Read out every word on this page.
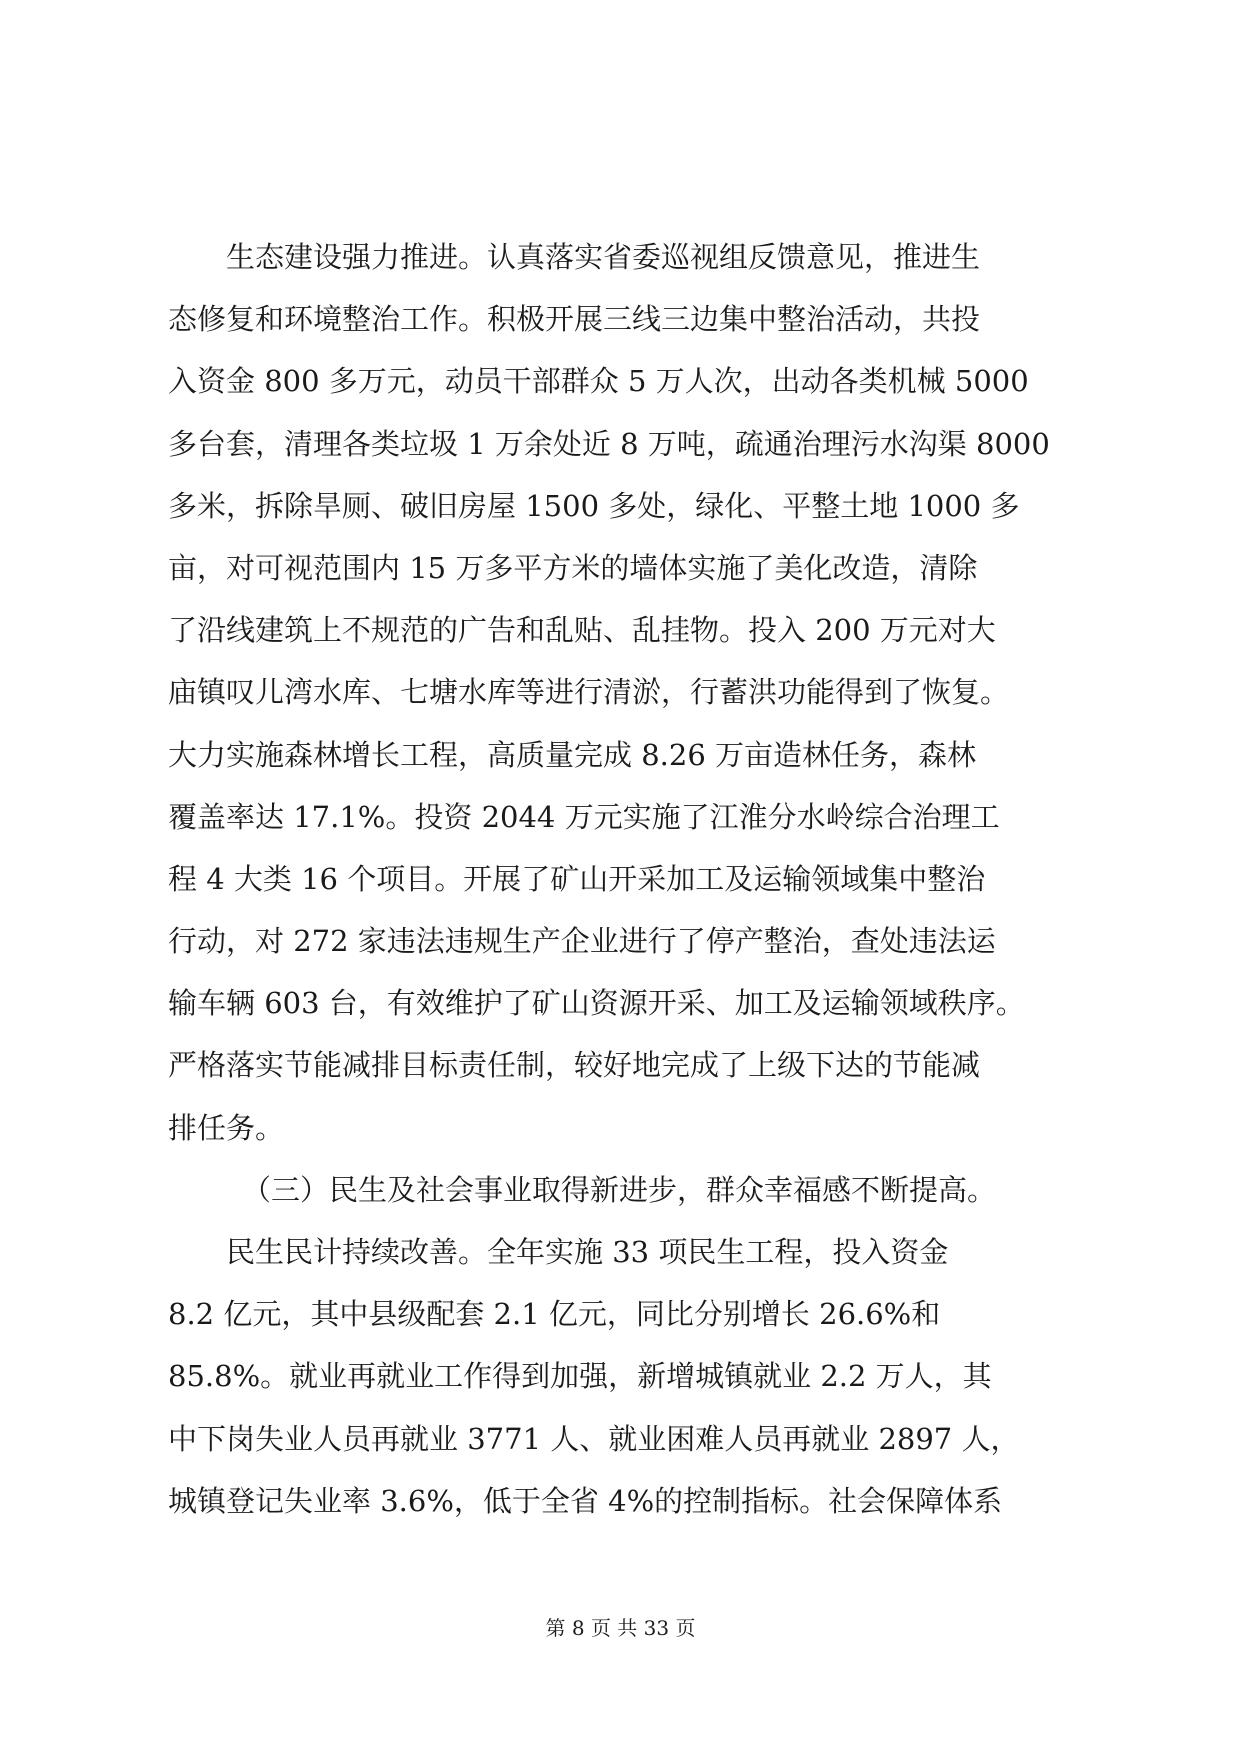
生态建设强力推进。认真落实省委巡视组反馈意见，推进生
态修复和环境整治工作。积极开展三线三边集中整治活动，共投
入资金 800 多万元，动员干部群众 5 万人次，出动各类机械 5000
多台套，清理各类垃圾 1 万余处近 8 万吨，疏通治理污水沟渠 8000
多米，拆除旱厕、破旧房屋 1500 多处，绿化、平整土地 1000 多
亩，对可视范围内 15 万多平方米的墙体实施了美化改造，清除
了沿线建筑上不规范的广告和乱贴、乱挂物。投入 200 万元对大
庙镇叹儿湾水库、七塘水库等进行清淤，行蓄洪功能得到了恢复。
大力实施森林增长工程，高质量完成 8.26 万亩造林任务，森林
覆盖率达 17.1%。投资 2044 万元实施了江淮分水岭综合治理工
程 4 大类 16 个项目。开展了矿山开采加工及运输领域集中整治
行动，对 272 家违法违规生产企业进行了停产整治，查处违法运
输车辆 603 台，有效维护了矿山资源开采、加工及运输领域秩序。
严格落实节能减排目标责任制，较好地完成了上级下达的节能减
排任务。
（三）民生及社会事业取得新进步，群众幸福感不断提高。
民生民计持续改善。全年实施 33 项民生工程，投入资金
8.2 亿元，其中县级配套 2.1 亿元，同比分别增长 26.6%和
85.8%。就业再就业工作得到加强，新增城镇就业 2.2 万人，其
中下岗失业人员再就业 3771 人、就业困难人员再就业 2897 人，
城镇登记失业率 3.6%，低于全省 4%的控制指标。社会保障体系
第 8 页 共 33 页
